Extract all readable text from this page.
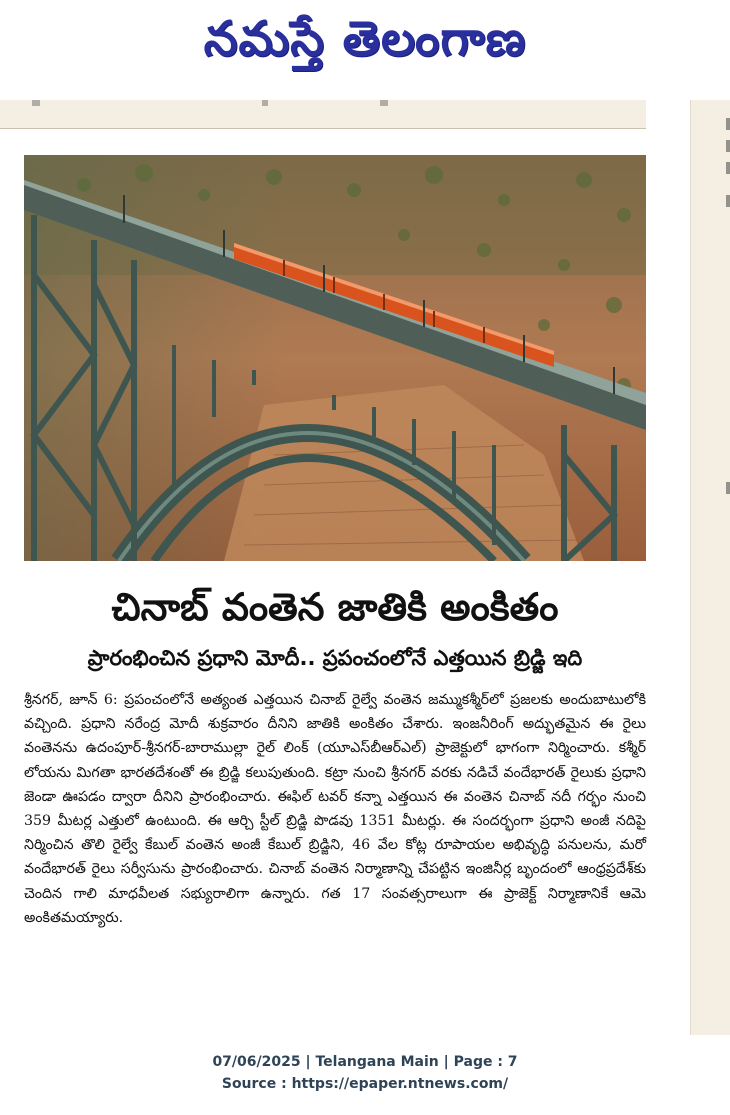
నమస్తే తెలంగాణ
చినాబ్ వంతెన జాతికి అంకితం
ప్రారంభించిన ప్రధాని మోదీ.. ప్రపంచంలోనే ఎత్తయిన బ్రిడ్జి ఇది

శ్రీనగర్, జూన్ 6: ప్రపంచంలోనే అత్యంత ఎత్తయిన చినాబ్ రైల్వే వంతెన జమ్ముకశ్మీర్‌లో ప్రజలకు అందుబాటులోకి వచ్చింది. ప్రధాని నరేంద్ర మోదీ శుక్రవారం దీనిని జాతికి అంకితం చేశారు. ఇంజనీరింగ్ అద్భుతమైన ఈ రైలు వంతెనను ఉదంపూర్-శ్రీనగర్-బారాముల్లా రైల్ లింక్ (యూఎస్‌బీఆర్‌ఎల్) ప్రాజెక్టులో భాగంగా నిర్మించారు. కశ్మీర్ లోయను మిగతా భారతదేశంతో ఈ బ్రిడ్జి కలుపుతుంది. కట్రా నుంచి శ్రీనగర్ వరకు నడిచే వందేభారత్ రైలుకు ప్రధాని జెండా ఊపడం ద్వారా దీనిని ప్రారంభించారు. ఈఫిల్ టవర్ కన్నా ఎత్తయిన ఈ వంతెన చినాబ్ నదీ గర్భం నుంచి 359 మీటర్ల ఎత్తులో ఉంటుంది. ఈ ఆర్చి స్టీల్ బ్రిడ్జి పొడవు 1351 మీటర్లు. ఈ సందర్భంగా ప్రధాని అంజీ నదిపై నిర్మించిన తొలి రైల్వే కేబుల్ వంతెన అంజీ కేబుల్ బ్రిడ్జిని, 46 వేల కోట్ల రూపాయల అభివృద్ధి పనులను, మరో వందేభారత్ రైలు సర్వీసును ప్రారంభించారు. చినాబ్ వంతెన నిర్మాణాన్ని చేపట్టిన ఇంజినీర్ల బృందంలో ఆంధ్రప్రదేశ్‌కు చెందిన గాలి మాధవీలత సభ్యురాలిగా ఉన్నారు. గత 17 సంవత్సరాలుగా ఈ ప్రాజెక్ట్ నిర్మాణానికే ఆమె అంకితమయ్యారు.

07/06/2025 | Telangana Main | Page : 7
Source : https://epaper.ntnews.com/
